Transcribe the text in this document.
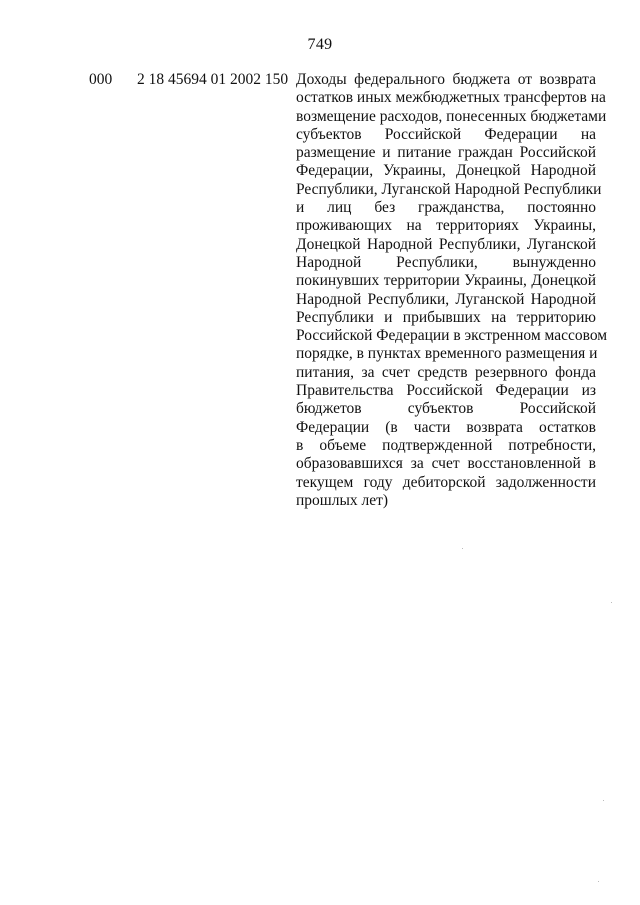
749
000 2 18 45694 01 2002 150 Доходы федерального бюджета от возврата
остатков иных межбюджетных трансфертов на
возмещение расходов, понесенных бюджетами
субъектов Российской Федерации на
размещение и питание граждан Российской
Федерации, Украины, Донецкой Народной
Республики, Луганской Народной Республики
и лиц без гражданства, постоянно
проживающих на территориях Украины,
Донецкой Народной Республики, Луганской
Народной Республики, вынужденно
покинувших территории Украины, Донецкой
Народной Республики, Луганской Народной
Республики и прибывших на территорию
Российской Федерации в экстренном массовом
порядке, в пунктах временного размещения и
питания, за счет средств резервного фонда
Правительства Российской Федерации из
бюджетов субъектов Российской
Федерации (в части возврата остатков
в объеме подтвержденной потребности,
образовавшихся за счет восстановленной в
текущем году дебиторской задолженности
прошлых лет)
